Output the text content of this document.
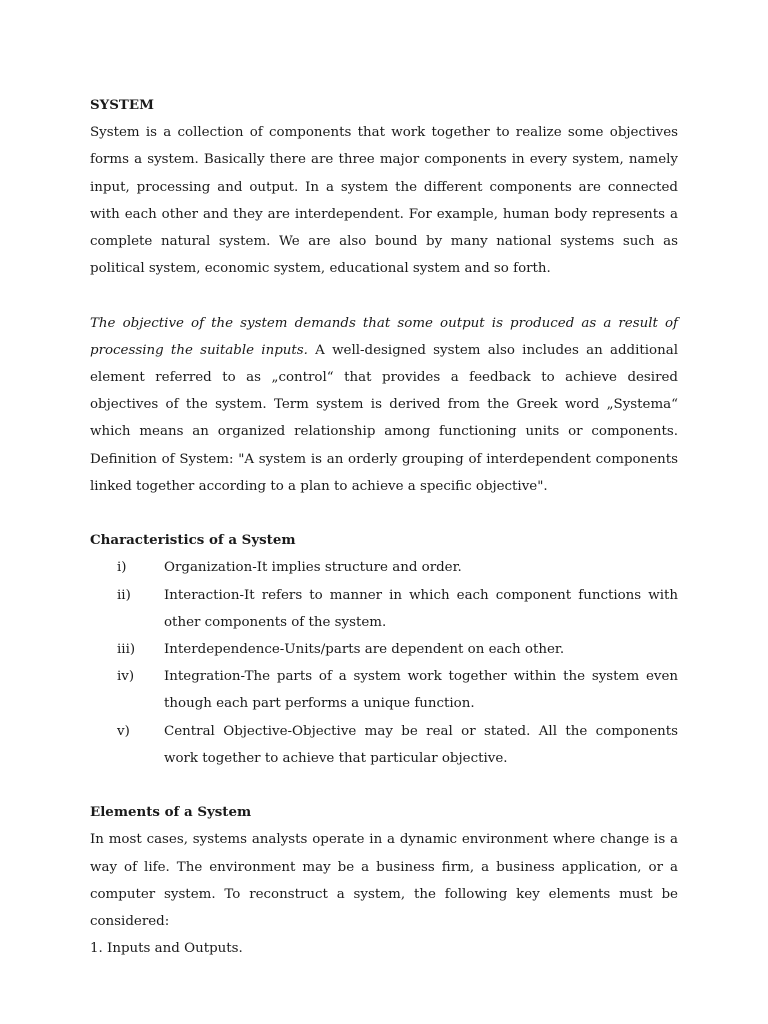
SYSTEM

System is a collection of components that work together to realize some objectives forms a system. Basically there are three major components in every system, namely input, processing and output. In a system the different components are connected with each other and they are interdependent. For example, human body represents a complete natural system. We are also bound by many national systems such as political system, economic system, educational system and so forth.

The objective of the system demands that some output is produced as a result of processing the suitable inputs. A well-designed system also includes an additional element referred to as „control“ that provides a feedback to achieve desired objectives of the system. Term system is derived from the Greek word „Systema“ which means an organized relationship among functioning units or components. Definition of System: "A system is an orderly grouping of interdependent components linked together according to a plan to achieve a specific objective".

Characteristics of a System

i)	Organization-It implies structure and order.
ii)	Interaction-It refers to manner in which each component functions with other components of the system.
iii)	Interdependence-Units/parts are dependent on each other.
iv)	Integration-The parts of a system work together within the system even though each part performs a unique function.
v)	Central Objective-Objective may be real or stated. All the components work together to achieve that particular objective.

Elements of a System

In most cases, systems analysts operate in a dynamic environment where change is a way of life. The environment may be a business firm, a business application, or a computer system. To reconstruct a system, the following key elements must be considered:

1. Inputs and Outputs.
